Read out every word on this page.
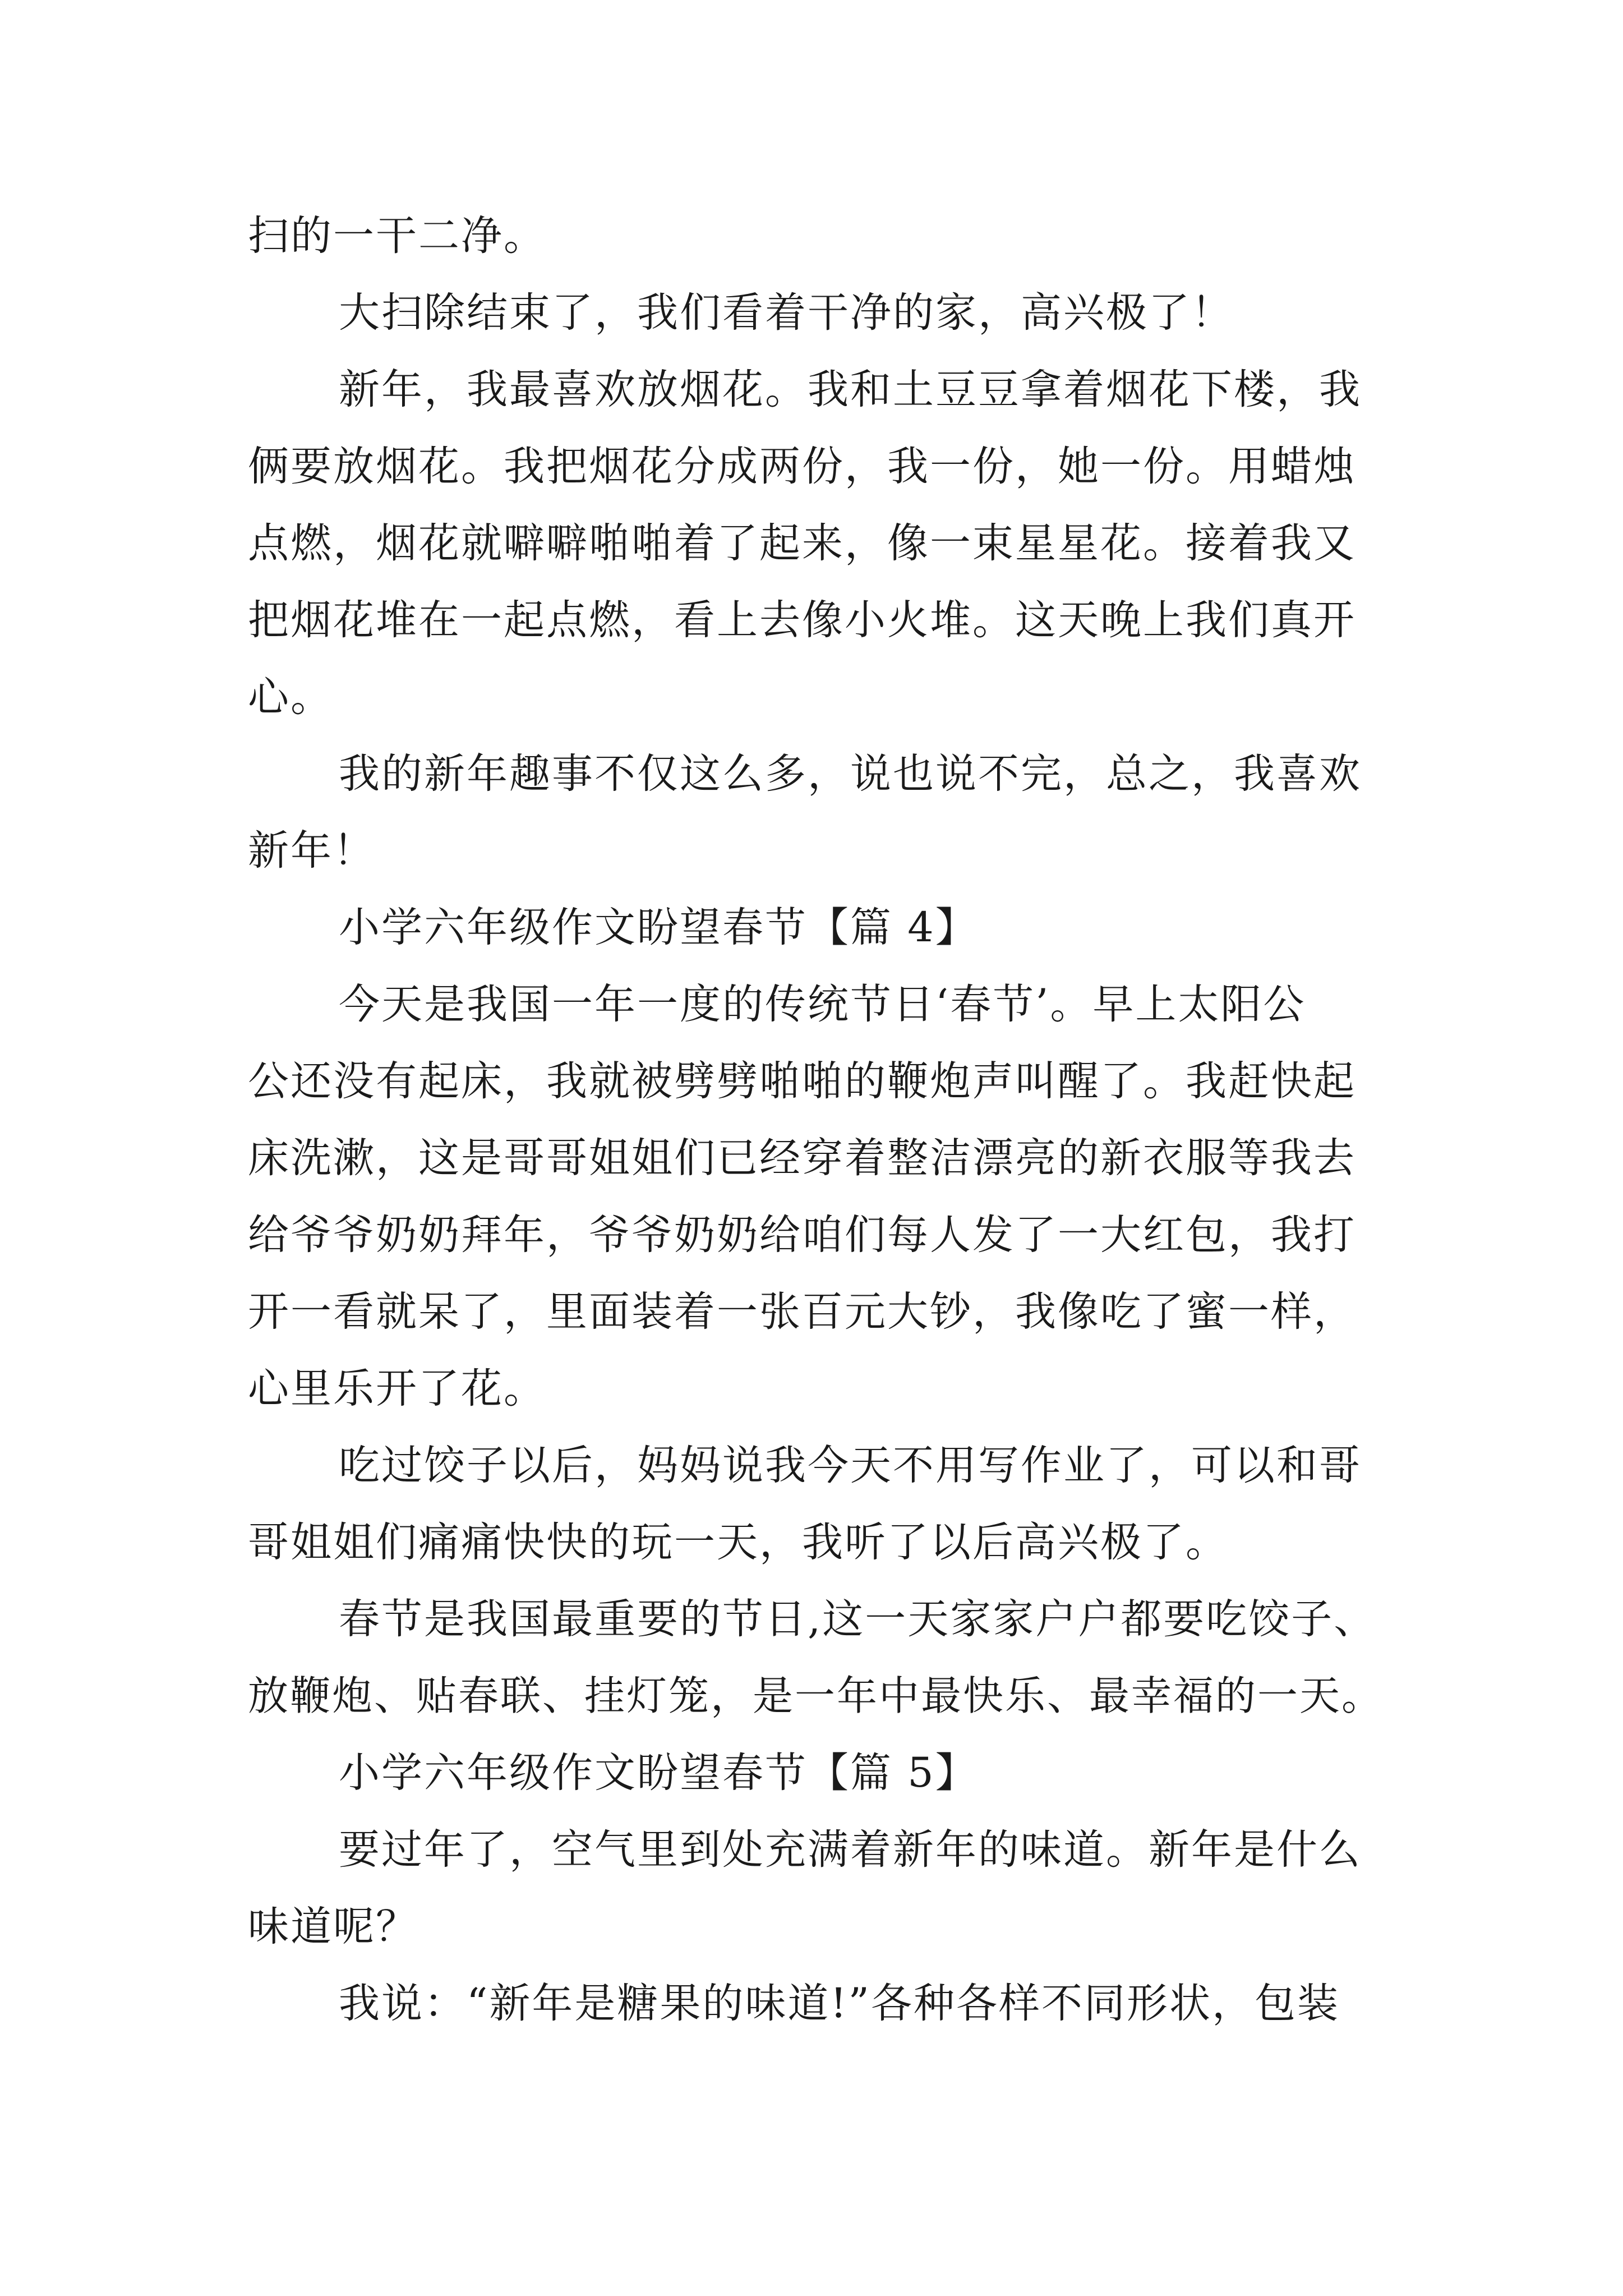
扫的一干二净。
大扫除结束了，我们看着干净的家，高兴极了！
新年，我最喜欢放烟花。我和土豆豆拿着烟花下楼，我
俩要放烟花。我把烟花分成两份，我一份，她一份。用蜡烛
点燃，烟花就噼噼啪啪着了起来，像一束星星花。接着我又
把烟花堆在一起点燃，看上去像小火堆。这天晚上我们真开
心。
我的新年趣事不仅这么多，说也说不完，总之，我喜欢
新年！
小学六年级作文盼望春节【篇 4】
今天是我国一年一度的传统节日‘春节’。早上太阳公
公还没有起床，我就被劈劈啪啪的鞭炮声叫醒了。我赶快起
床洗漱，这是哥哥姐姐们已经穿着整洁漂亮的新衣服等我去
给爷爷奶奶拜年，爷爷奶奶给咱们每人发了一大红包，我打
开一看就呆了，里面装着一张百元大钞，我像吃了蜜一样，
心里乐开了花。
吃过饺子以后，妈妈说我今天不用写作业了，可以和哥
哥姐姐们痛痛快快的玩一天，我听了以后高兴极了。
春节是我国最重要的节日,这一天家家户户都要吃饺子、
放鞭炮、贴春联、挂灯笼，是一年中最快乐、最幸福的一天。
小学六年级作文盼望春节【篇 5】
要过年了，空气里到处充满着新年的味道。新年是什么
味道呢？
我说：“新年是糖果的味道!”各种各样不同形状，包装
